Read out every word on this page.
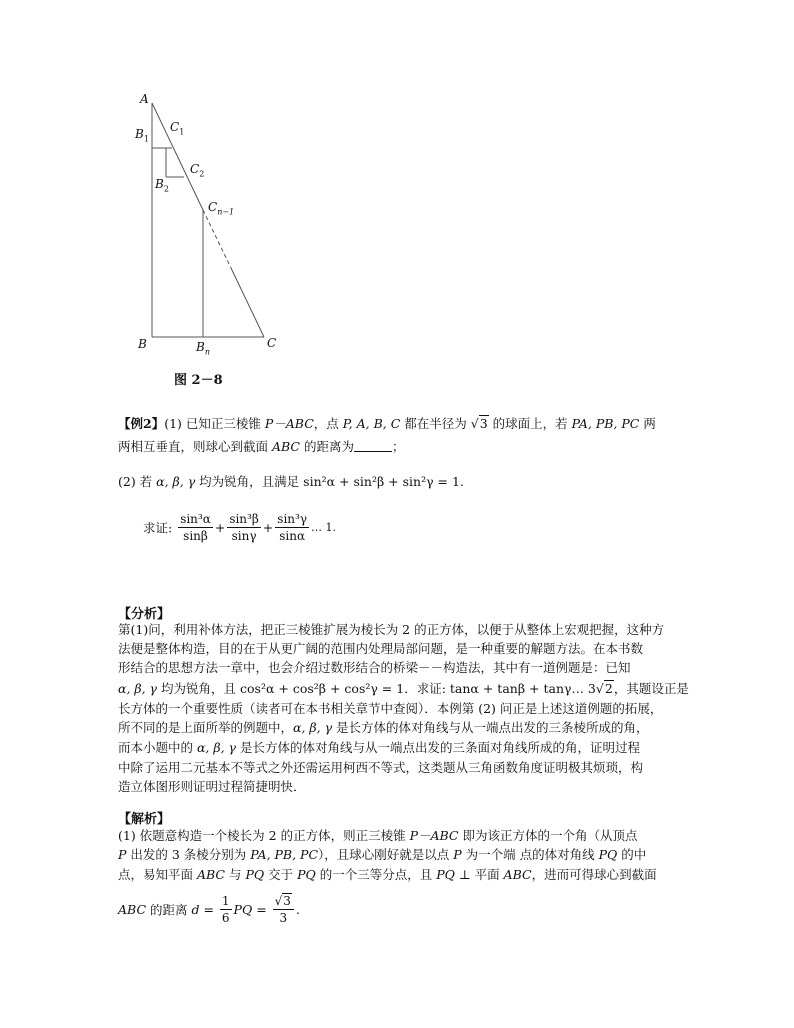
A
$B_1$
$C_1$
$B_2$
$C_2$
$C_{n-1}$
B	$B_n$
C
图 2－8
【例2】(1) 已知正三棱锥 P－ABC，点 P, A, B, C 都在半径为 √3 的球面上，若 PA, PB, PC 两
两相互垂直，则球心到截面 ABC 的距离为	；
(2) 若 α, β, γ 均为锐角，且满足 sin²α + sin²β + sin²γ = 1.
求证: $\frac{\text{sin³α}}{\sin\beta} + \frac{\text{sin³β}}{\sin\gamma} + \frac{\text{sin³γ}}{\sin\alpha}$ … 1.
【分析】
第(1)问，利用补体方法，把正三棱锥扩展为棱长为 2 的正方体，以便于从整体上宏观把握，这种方
法便是整体构造，目的在于从更广阔的范围内处理局部问题，是一种重要的解题方法。在本书数
形结合的思想方法一章中，也会介绍过数形结合的桥梁－－构造法，其中有一道例题是：已知
α, β, γ 均为锐角，且 cos²α + cos²β + cos²γ = 1．求证: tanα + tanβ + tanγ… 3√2，其题设正是
长方体的一个重要性质（读者可在本书相关章节中查阅）．本例第 (2) 问正是上述这道例题的拓展，
所不同的是上面所举的例题中，α, β, γ 是长方体的体对角线与从一端点出发的三条棱所成的角，
而本小题中的 α, β, γ 是长方体的体对角线与从一端点出发的三条面对角线所成的角，证明过程
中除了运用二元基本不等式之外还需运用柯西不等式，这类题从三角函数角度证明极其烦琐，构
造立体图形则证明过程简捷明快．
【解析】
(1) 依题意构造一个棱长为 2 的正方体，则正三棱锥 P－ABC 即为该正方体的一个角（从顶点
P 出发的 3 条棱分别为 PA, PB, PC），且球心刚好就是以点 P 为一个端 点的体对角线 PQ 的中
点，易知平面 ABC 与 PQ 交于 PQ 的一个三等分点，且 PQ ⊥ 平面 ABC，进而可得球心到截面
ABC 的距离 $d = \frac{1}{6}$ PQ = $\frac{√3}{3}$ .
